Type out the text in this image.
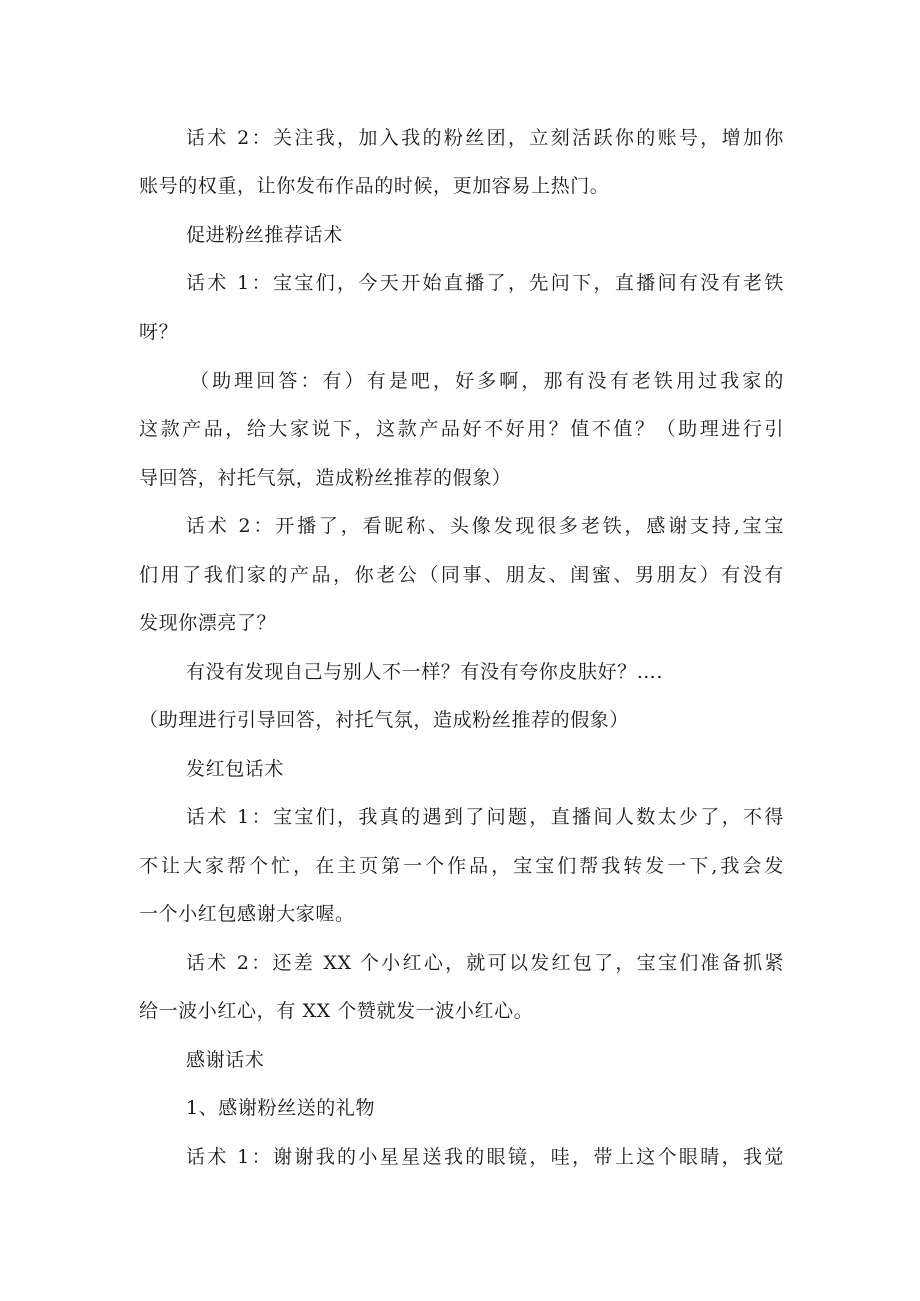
话术 2：关注我，加入我的粉丝团，立刻活跃你的账号，增加你
账号的权重，让你发布作品的时候，更加容易上热门。
促进粉丝推荐话术
话术 1：宝宝们，今天开始直播了，先问下，直播间有没有老铁
呀？
（助理回答：有）有是吧，好多啊，那有没有老铁用过我家的
这款产品，给大家说下，这款产品好不好用？值不值？（助理进行引
导回答，衬托气氛，造成粉丝推荐的假象）
话术 2：开播了，看昵称、头像发现很多老铁，感谢支持,宝宝
们用了我们家的产品，你老公（同事、朋友、闺蜜、男朋友）有没有
发现你漂亮了？
有没有发现自己与别人不一样？有没有夸你皮肤好？….
（助理进行引导回答，衬托气氛，造成粉丝推荐的假象）
发红包话术
话术 1：宝宝们，我真的遇到了问题，直播间人数太少了，不得
不让大家帮个忙，在主页第一个作品，宝宝们帮我转发一下,我会发
一个小红包感谢大家喔。
话术 2：还差 XX 个小红心，就可以发红包了，宝宝们准备抓紧
给一波小红心，有 XX 个赞就发一波小红心。
感谢话术
1、感谢粉丝送的礼物
话术 1：谢谢我的小星星送我的眼镜，哇，带上这个眼睛，我觉
